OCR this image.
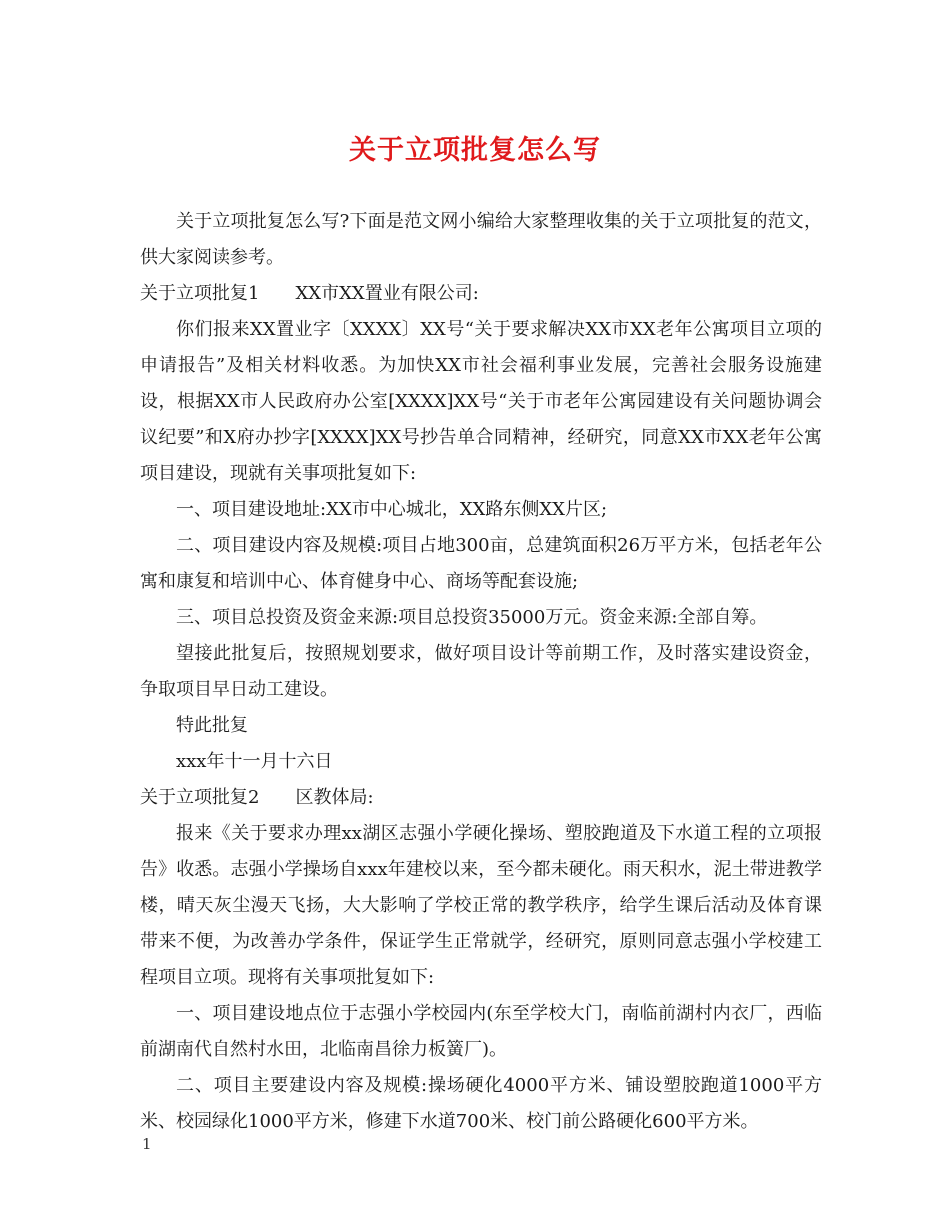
关于立项批复怎么写

关于立项批复怎么写?下面是范文网小编给大家整理收集的关于立项批复的范文，供大家阅读参考。

关于立项批复1　　XX市XX置业有限公司:

你们报来XX置业字〔XXXX〕XX号“关于要求解决XX市XX老年公寓项目立项的申请报告”及相关材料收悉。为加快XX市社会福利事业发展，完善社会服务设施建设，根据XX市人民政府办公室[XXXX]XX号“关于市老年公寓园建设有关问题协调会议纪要”和X府办抄字[XXXX]XX号抄告单合同精神，经研究，同意XX市XX老年公寓项目建设，现就有关事项批复如下:

一、项目建设地址:XX市中心城北，XX路东侧XX片区;

二、项目建设内容及规模:项目占地300亩，总建筑面积26万平方米，包括老年公寓和康复和培训中心、体育健身中心、商场等配套设施;

三、项目总投资及资金来源:项目总投资35000万元。资金来源:全部自筹。

望接此批复后，按照规划要求，做好项目设计等前期工作，及时落实建设资金，争取项目早日动工建设。

特此批复

xxx年十一月十六日

关于立项批复2　　区教体局:

报来《关于要求办理xx湖区志强小学硬化操场、塑胶跑道及下水道工程的立项报告》收悉。志强小学操场自xxx年建校以来，至今都未硬化。雨天积水，泥土带进教学楼，晴天灰尘漫天飞扬，大大影响了学校正常的教学秩序，给学生课后活动及体育课带来不便，为改善办学条件，保证学生正常就学，经研究，原则同意志强小学校建工程项目立项。现将有关事项批复如下:

一、项目建设地点位于志强小学校园内(东至学校大门，南临前湖村内衣厂，西临前湖南代自然村水田，北临南昌徐力板簧厂)。

二、项目主要建设内容及规模:操场硬化4000平方米、铺设塑胶跑道1000平方米、校园绿化1000平方米，修建下水道700米、校门前公路硬化600平方米。

1
